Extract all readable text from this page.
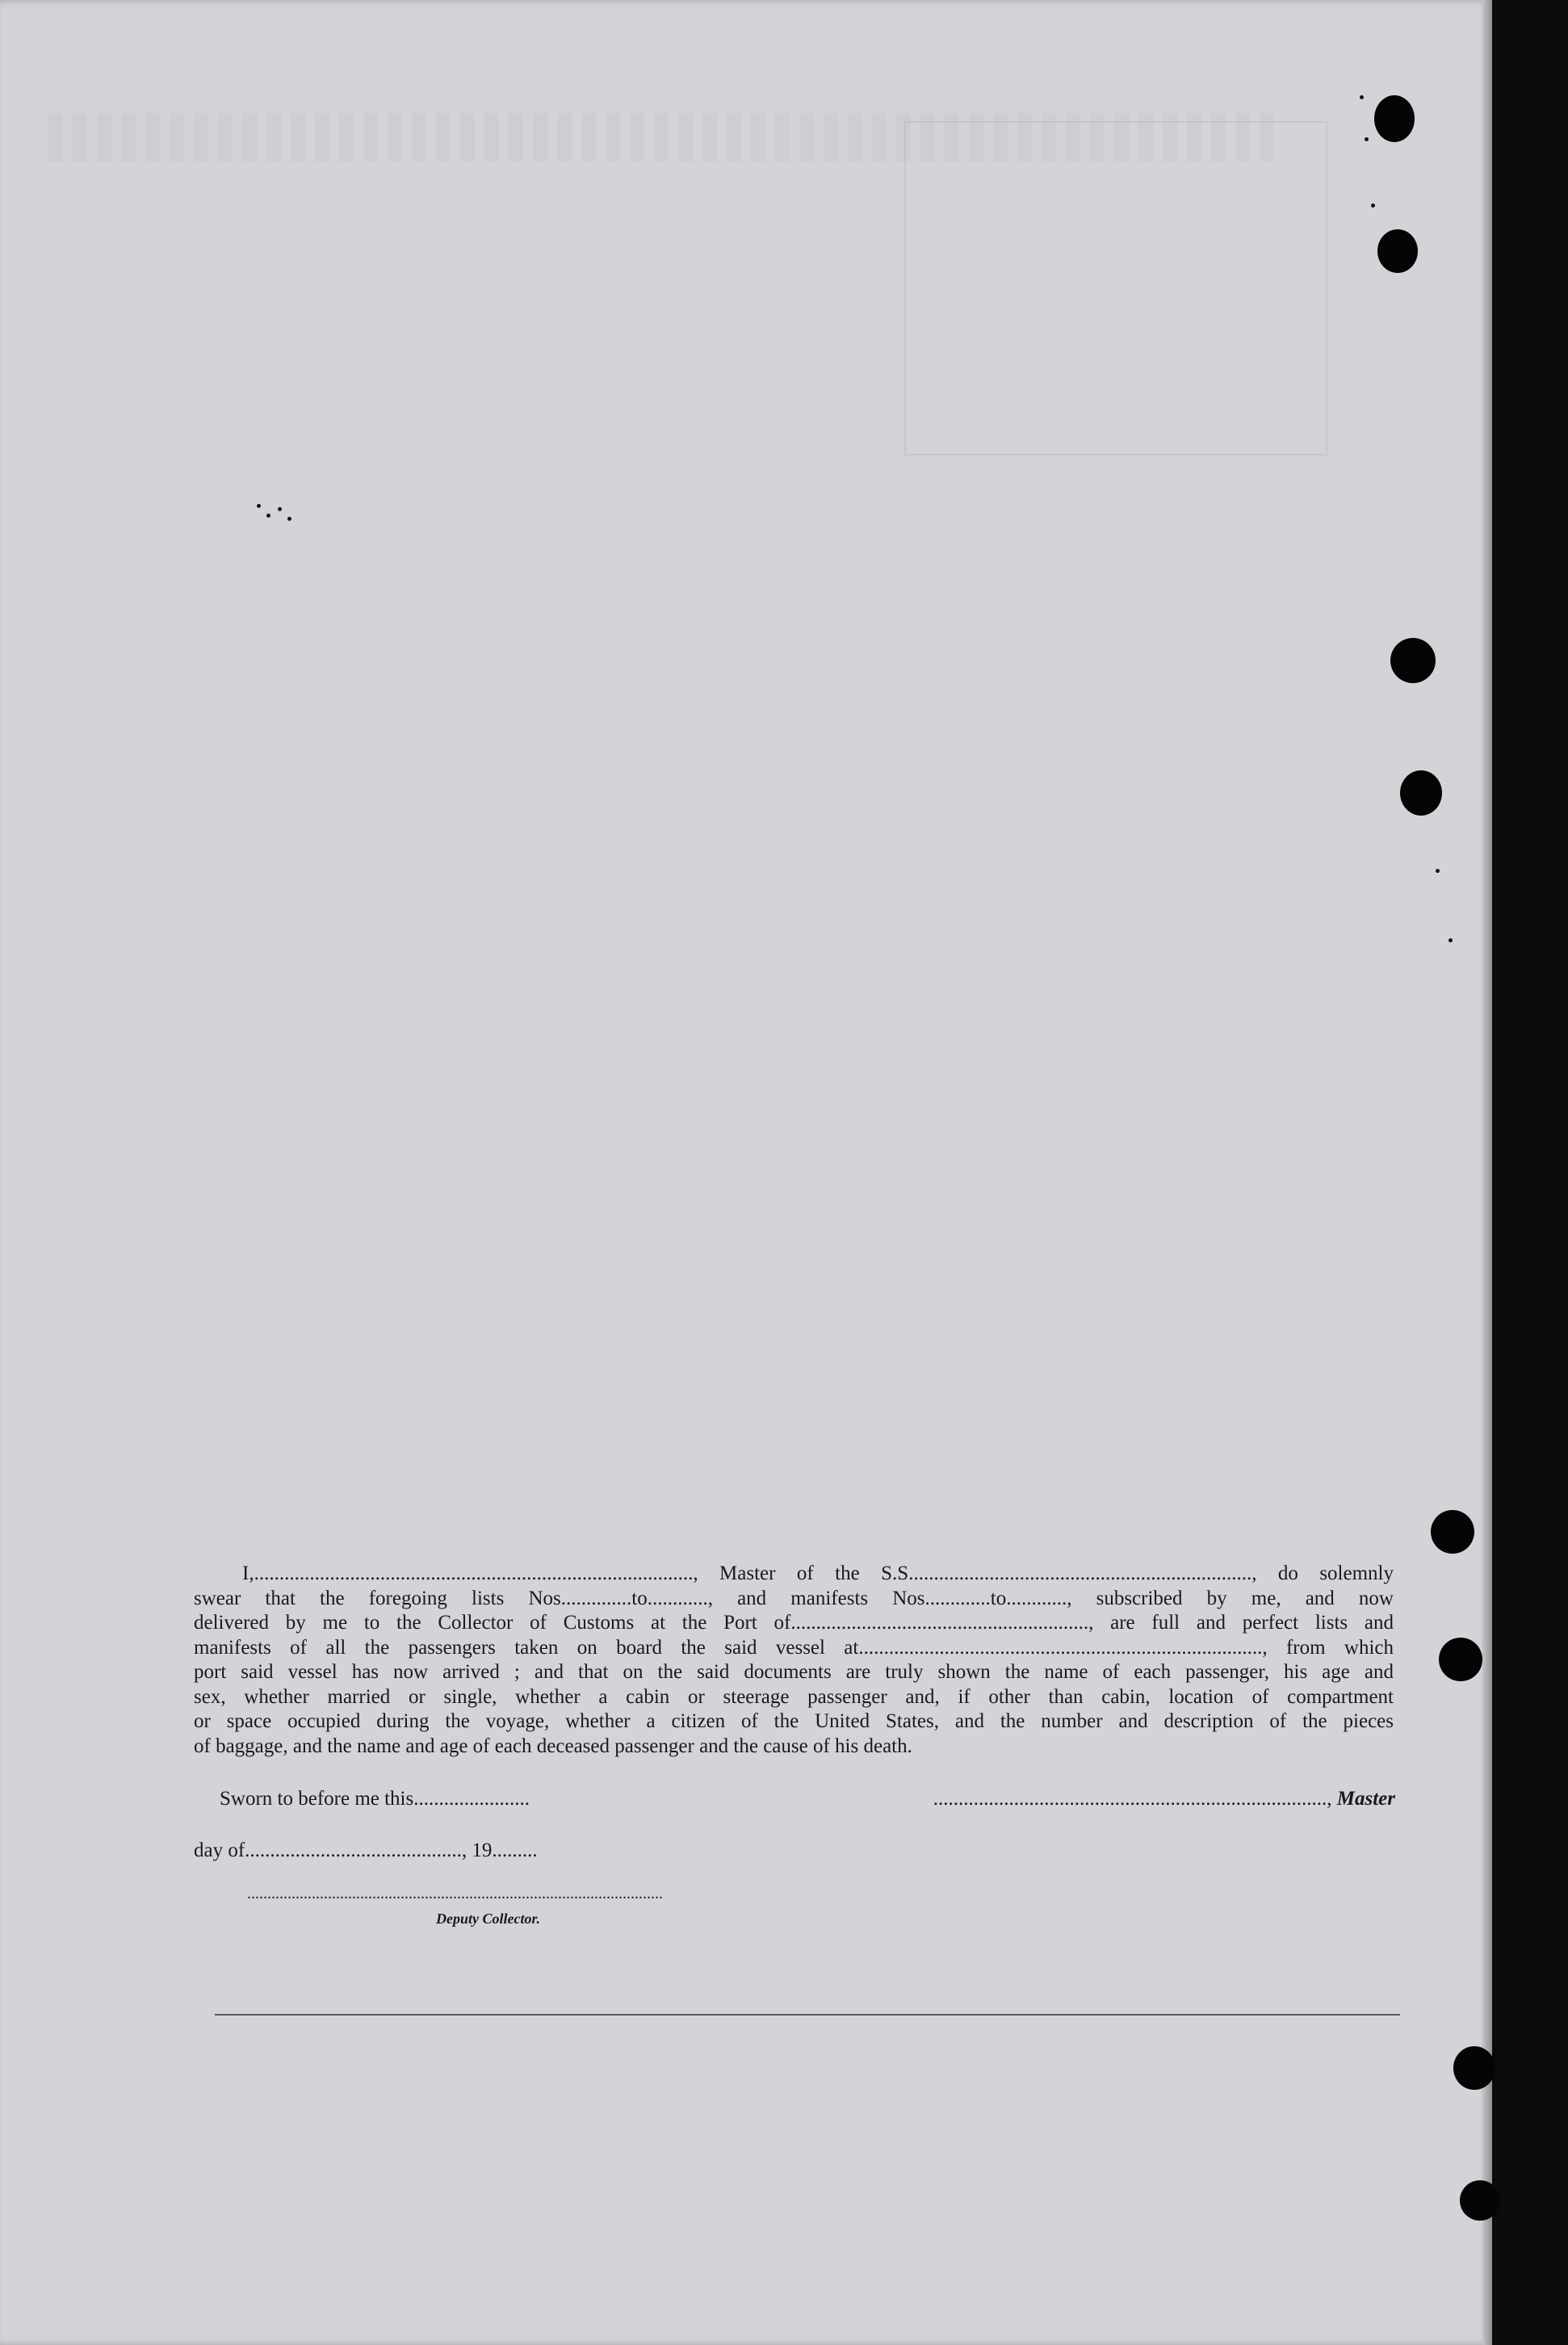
I,......................................................................................., Master of the S.S...................................................................., do solemnly
swear that the foregoing lists Nos..............to............, and manifests Nos.............to............, subscribed by me, and now
delivered by me to the Collector of Customs at the Port of..........................................................., are full and perfect lists and
manifests of all the passengers taken on board the said vessel at................................................................................, from which
port said vessel has now arrived ; and that on the said documents are truly shown the name of each passenger, his age and
sex, whether married or single, whether a cabin or steerage passenger and, if other than cabin, location of compartment
or space occupied during the voyage, whether a citizen of the United States, and the number and description of the pieces
of baggage, and the name and age of each deceased passenger and the cause of his death.
Sworn to before me this.......................	.............................................................................., Master
day of..........................................., 19.........
.......................................................................................................
Deputy Collector.
